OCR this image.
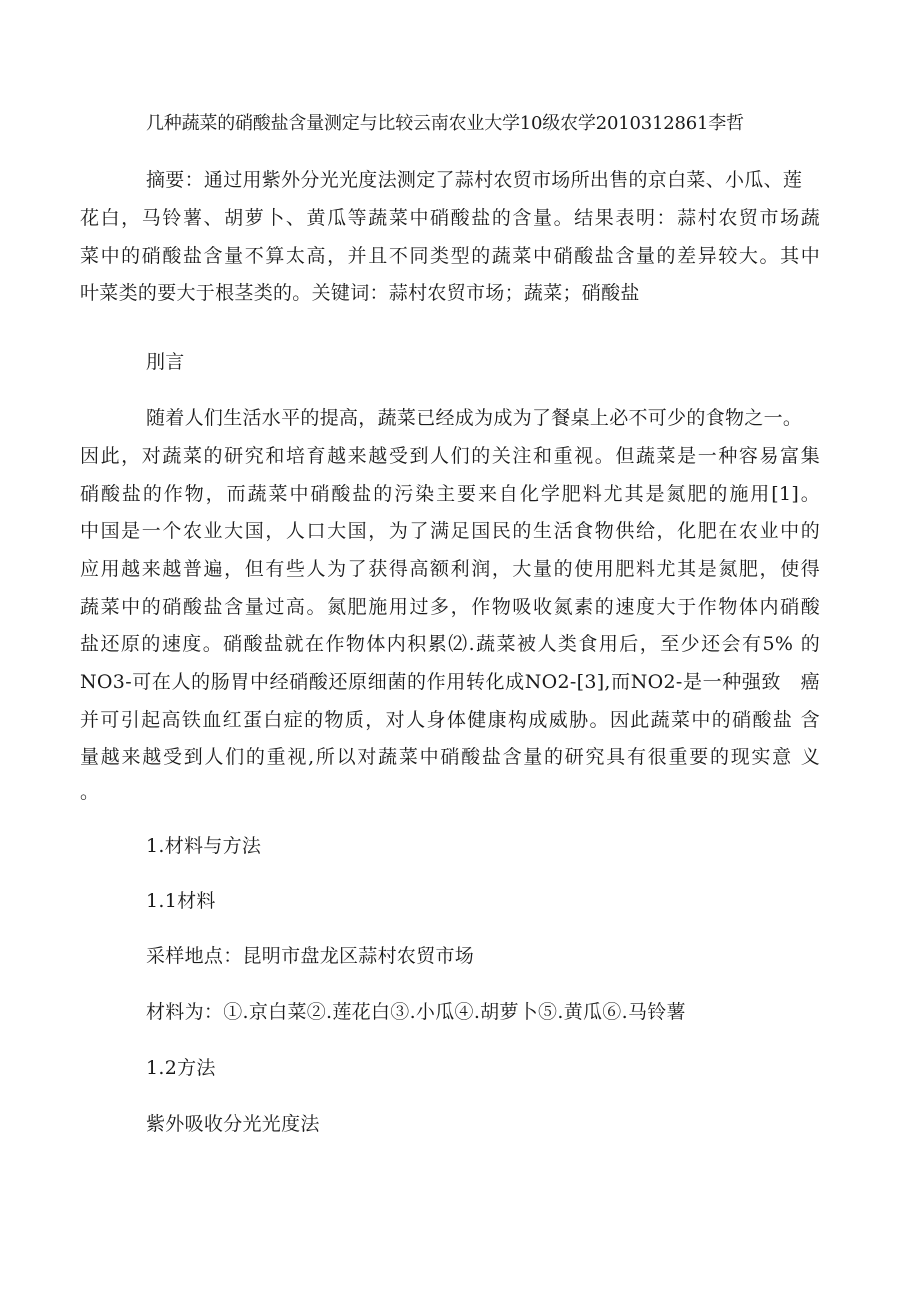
几种蔬菜的硝酸盐含量测定与比较云南农业大学10级农学2010312861李哲
摘要：通过用紫外分光光度法测定了蒜村农贸市场所出售的京白菜、小瓜、莲
花白，马铃薯、胡萝卜、黄瓜等蔬菜中硝酸盐的含量。结果表明：蒜村农贸市场蔬
菜中的硝酸盐含量不算太高，并且不同类型的蔬菜中硝酸盐含量的差异较大。其中
叶菜类的要大于根茎类的。关键词：蒜村农贸市场；蔬菜；硝酸盐
刖言
随着人们生活水平的提高，蔬菜已经成为成为了餐桌上必不可少的食物之一。
因此，对蔬菜的研究和培育越来越受到人们的关注和重视。但蔬菜是一种容易富集
硝酸盐的作物，而蔬菜中硝酸盐的污染主要来自化学肥料尤其是氮肥的施用[1]。
中国是一个农业大国，人口大国，为了满足国民的生活食物供给，化肥在农业中的
应用越来越普遍，但有些人为了获得高额利润，大量的使用肥料尤其是氮肥，使得
蔬菜中的硝酸盐含量过高。氮肥施用过多，作物吸收氮素的速度大于作物体内硝酸
盐还原的速度。硝酸盐就在作物体内积累⑵.蔬菜被人类食用后，至少还会有5% 的
NO3-可在人的肠胃中经硝酸还原细菌的作用转化成NO2-[3],而NO2-是一种强致　癌
并可引起高铁血红蛋白症的物质，对人身体健康构成威胁。因此蔬菜中的硝酸盐 含
量越来越受到人们的重视,所以对蔬菜中硝酸盐含量的研究具有很重要的现实意 义
。
1.材料与方法
1.1材料
采样地点：昆明市盘龙区蒜村农贸市场
材料为：①.京白菜②.莲花白③.小瓜④.胡萝卜⑤.黄瓜⑥.马铃薯
1.2方法
紫外吸收分光光度法
